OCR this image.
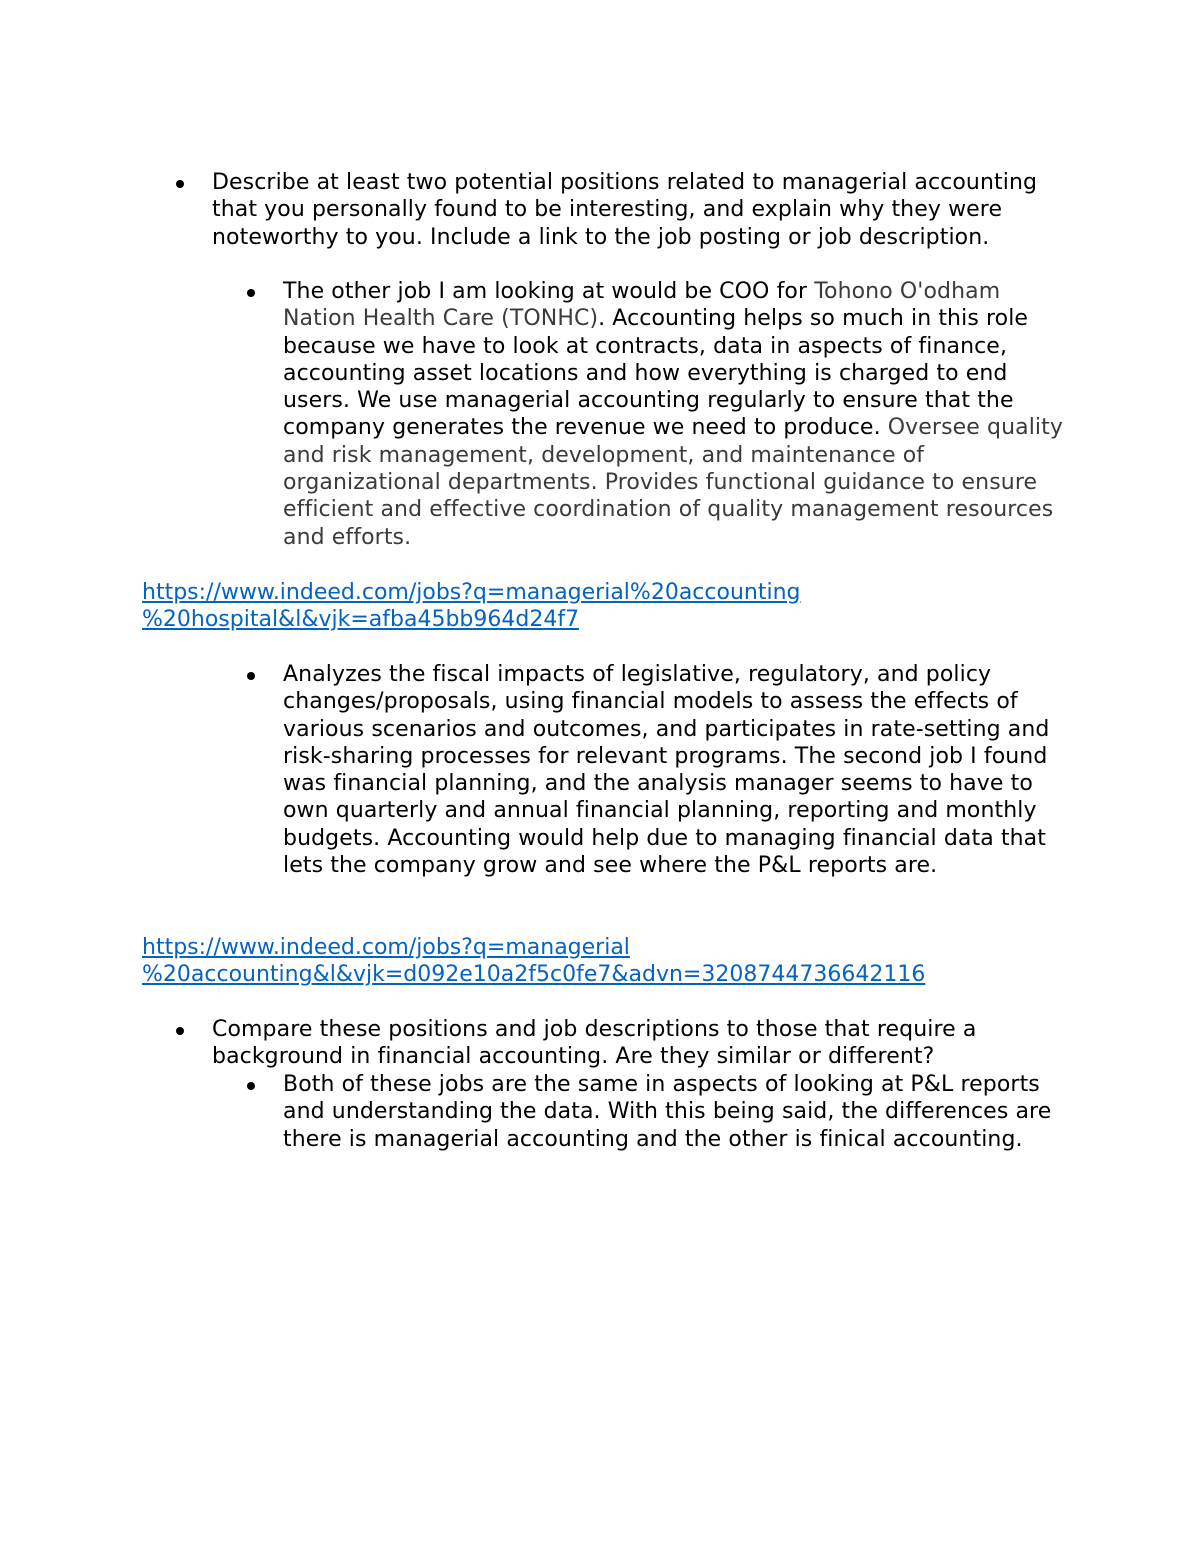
Describe at least two potential positions related to managerial accounting that you personally found to be interesting, and explain why they were noteworthy to you. Include a link to the job posting or job description.

The other job I am looking at would be COO for Tohono O'odham Nation Health Care (TONHC). Accounting helps so much in this role because we have to look at contracts, data in aspects of finance, accounting asset locations and how everything is charged to end users. We use managerial accounting regularly to ensure that the company generates the revenue we need to produce. Oversee quality and risk management, development, and maintenance of organizational departments. Provides functional guidance to ensure efficient and effective coordination of quality management resources and efforts.

https://www.indeed.com/jobs?q=managerial%20accounting
%20hospital&l&vjk=afba45bb964d24f7

Analyzes the fiscal impacts of legislative, regulatory, and policy changes/proposals, using financial models to assess the effects of various scenarios and outcomes, and participates in rate-setting and risk-sharing processes for relevant programs. The second job I found was financial planning, and the analysis manager seems to have to own quarterly and annual financial planning, reporting and monthly budgets. Accounting would help due to managing financial data that lets the company grow and see where the P&L reports are.

https://www.indeed.com/jobs?q=managerial
%20accounting&l&vjk=d092e10a2f5c0fe7&advn=3208744736642116

Compare these positions and job descriptions to those that require a background in financial accounting. Are they similar or different?

Both of these jobs are the same in aspects of looking at P&L reports and understanding the data. With this being said, the differences are there is managerial accounting and the other is finical accounting.
